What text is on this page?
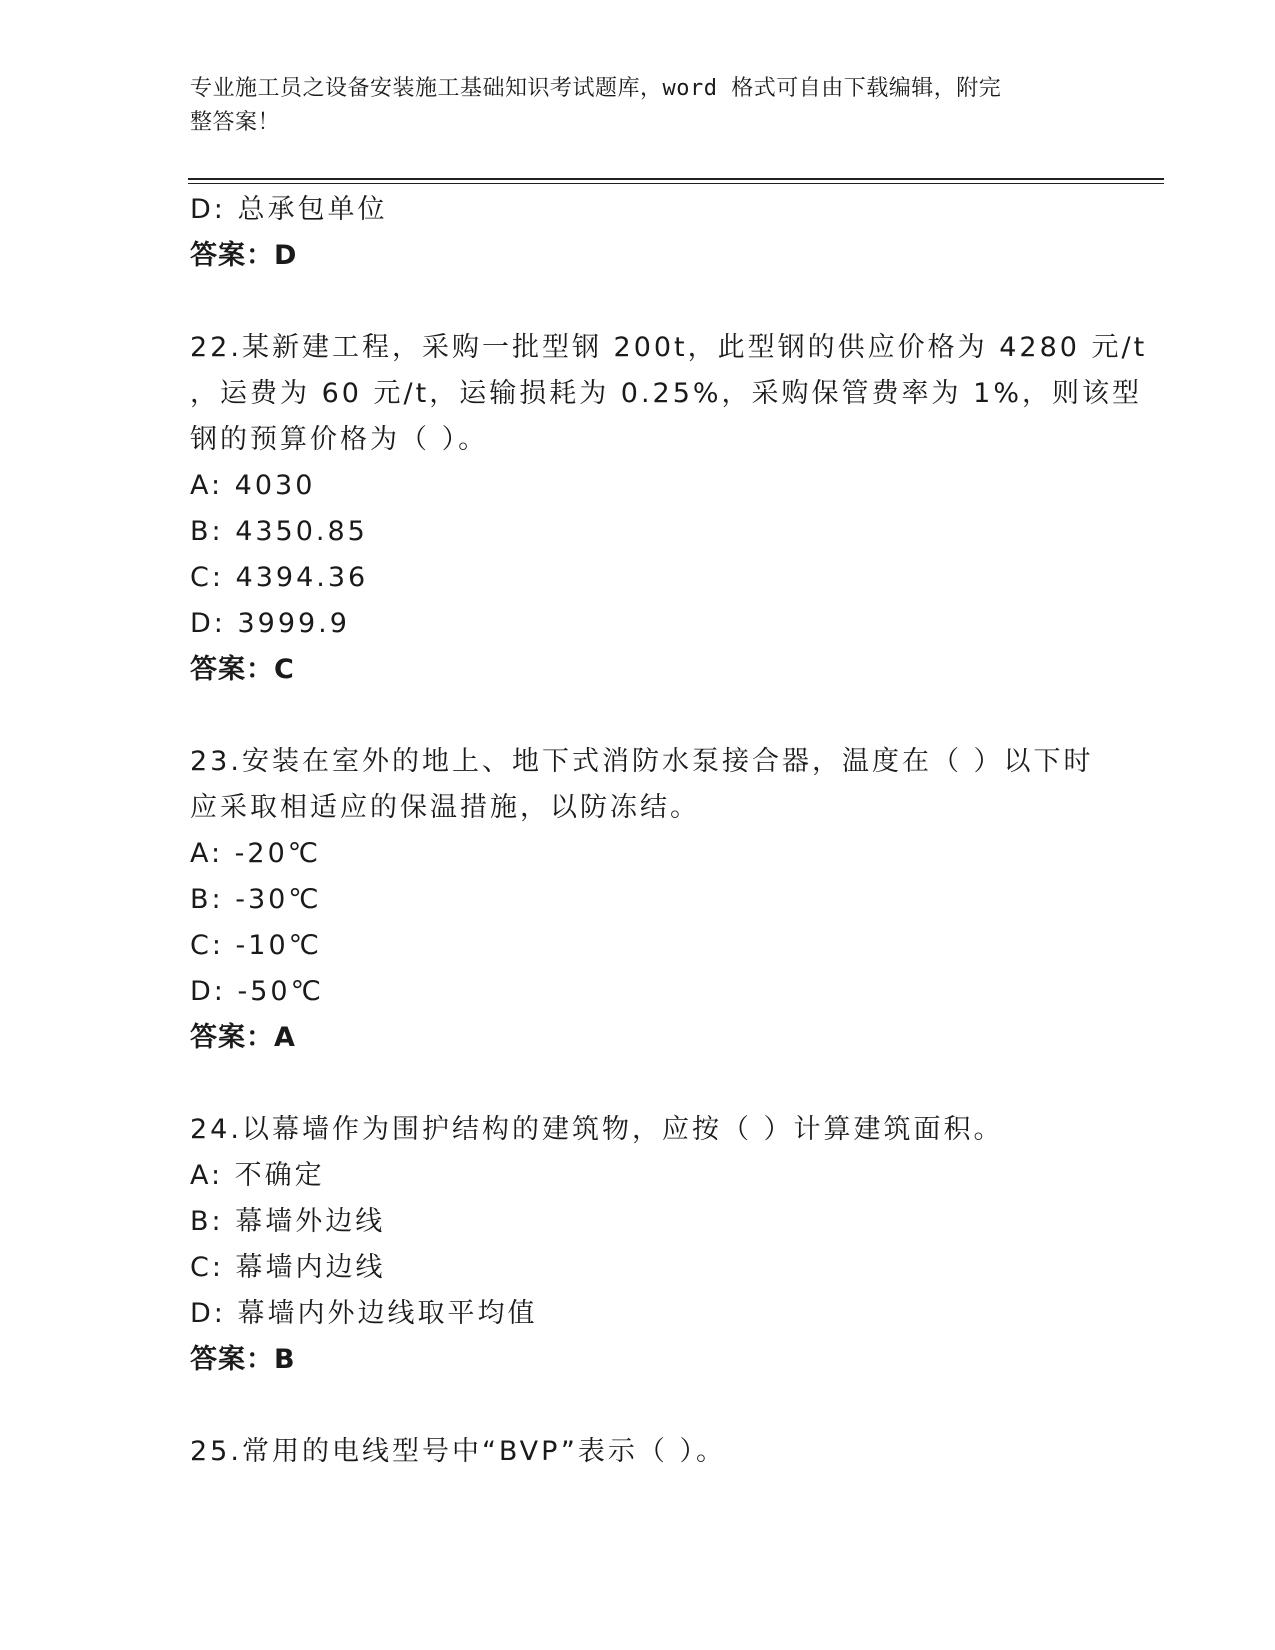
专业施工员之设备安装施工基础知识考试题库，word 格式可自由下载编辑，附完
整答案！
D: 总承包单位
答案：D
22.某新建工程，采购一批型钢 200t，此型钢的供应价格为 4280 元/t
，运费为 60 元/t，运输损耗为 0.25%，采购保管费率为 1%，则该型
钢的预算价格为（ ）。
A: 4030
B: 4350.85
C: 4394.36
D: 3999.9
答案：C
23.安装在室外的地上、地下式消防水泵接合器，温度在（ ）以下时
应采取相适应的保温措施，以防冻结。
A: -20℃
B: -30℃
C: -10℃
D: -50℃
答案：A
24.以幕墙作为围护结构的建筑物，应按（ ）计算建筑面积。
A: 不确定
B: 幕墙外边线
C: 幕墙内边线
D: 幕墙内外边线取平均值
答案：B
25.常用的电线型号中“BVP”表示（ ）。
